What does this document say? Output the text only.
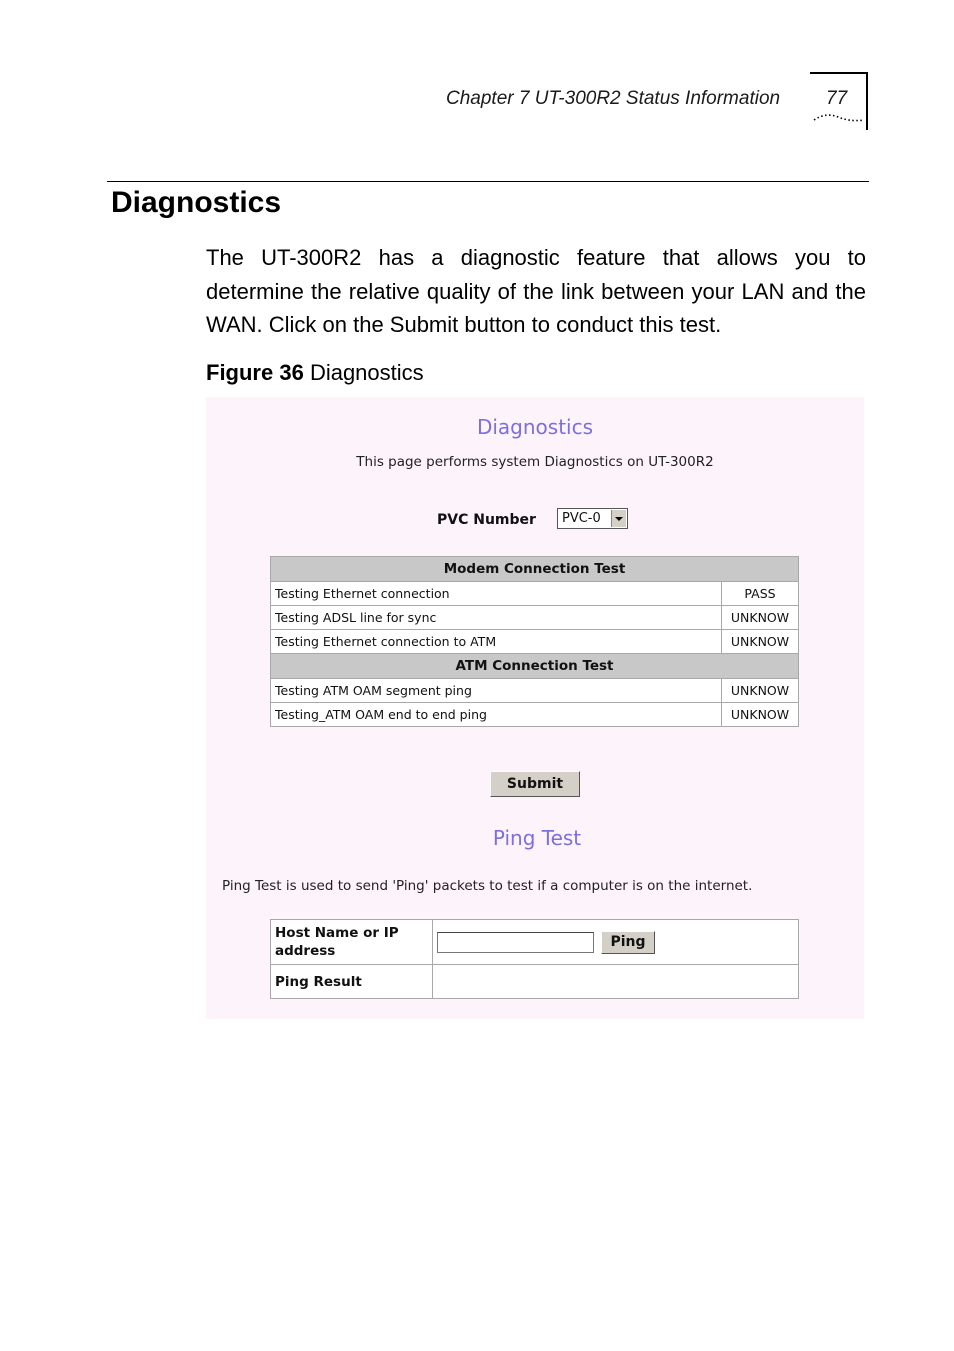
Chapter 7 UT-300R2 Status Information 77
Diagnostics
The UT-300R2 has a diagnostic feature that allows you to determine the relative quality of the link between your LAN and the WAN. Click on the Submit button to conduct this test.
Figure 36 Diagnostics
Diagnostics
This page performs system Diagnostics on UT-300R2
PVC Number PVC-0
Modem Connection Test	
Testing Ethernet connection	PASS
Testing ADSL line for sync	UNKNOW
Testing Ethernet connection to ATM	UNKNOW
ATM Connection Test	
Testing ATM OAM segment ping	UNKNOW
Testing_ATM OAM end to end ping	UNKNOW
Submit
Ping Test
Ping Test is used to send 'Ping' packets to test if a computer is on the internet.
Host Name or IP address	Ping
Ping Result	
